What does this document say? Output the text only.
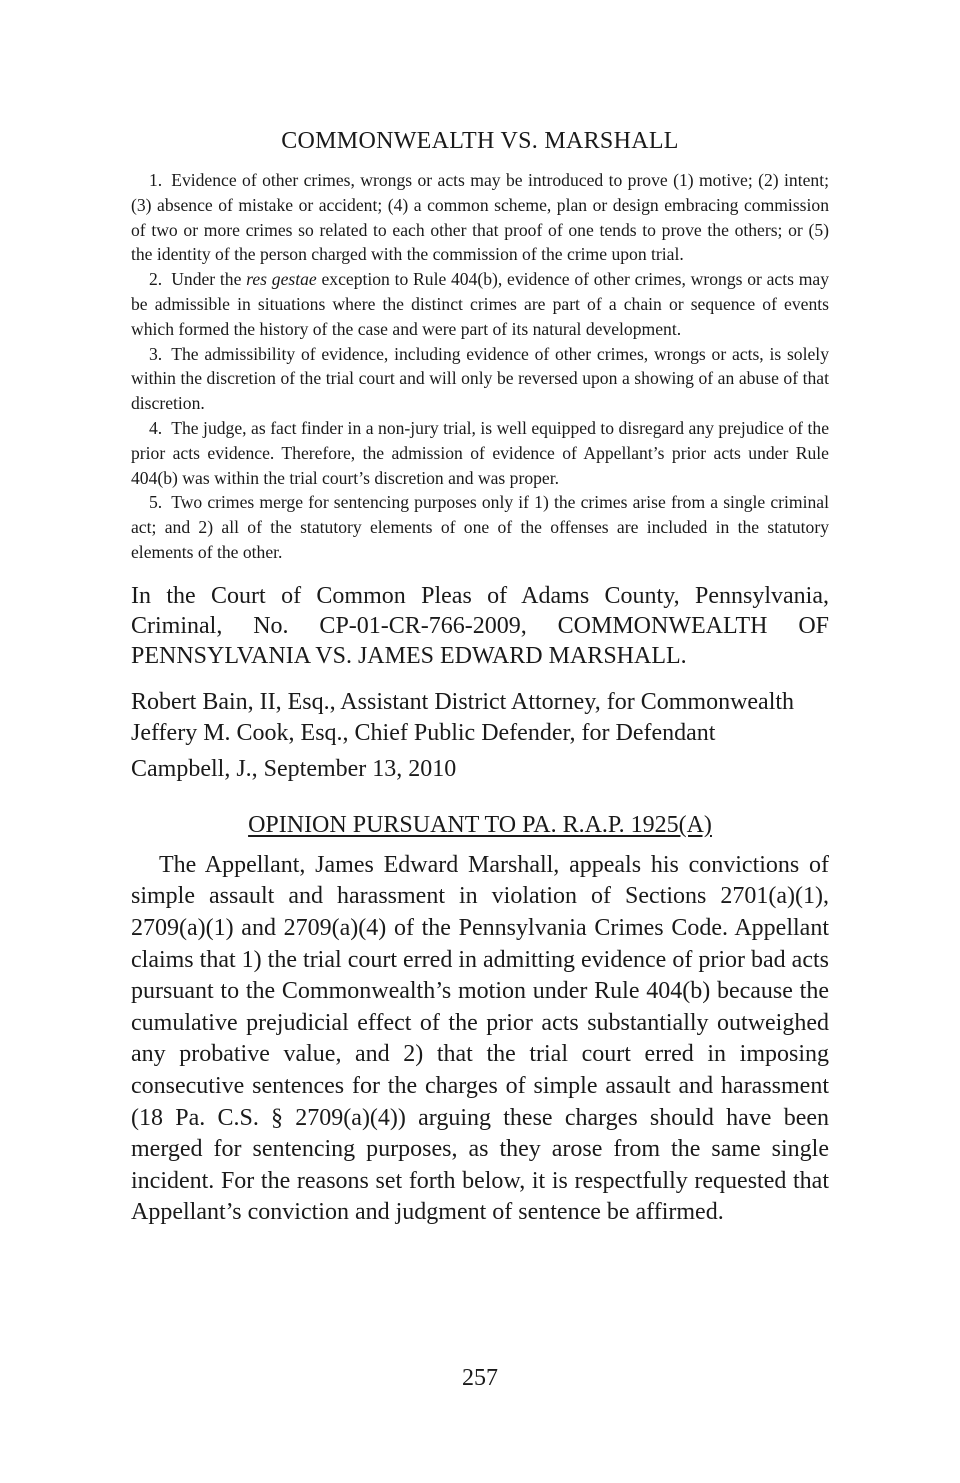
COMMONWEALTH VS. MARSHALL

1. Evidence of other crimes, wrongs or acts may be introduced to prove (1) motive; (2) intent; (3) absence of mistake or accident; (4) a common scheme, plan or design embracing commission of two or more crimes so related to each other that proof of one tends to prove the others; or (5) the identity of the person charged with the commission of the crime upon trial.

2. Under the res gestae exception to Rule 404(b), evidence of other crimes, wrongs or acts may be admissible in situations where the distinct crimes are part of a chain or sequence of events which formed the history of the case and were part of its natural development.

3. The admissibility of evidence, including evidence of other crimes, wrongs or acts, is solely within the discretion of the trial court and will only be reversed upon a showing of an abuse of that discretion.

4. The judge, as fact finder in a non-jury trial, is well equipped to disregard any prejudice of the prior acts evidence. Therefore, the admission of evidence of Appellant’s prior acts under Rule 404(b) was within the trial court’s discretion and was proper.

5. Two crimes merge for sentencing purposes only if 1) the crimes arise from a single criminal act; and 2) all of the statutory elements of one of the offenses are included in the statutory elements of the other.

In the Court of Common Pleas of Adams County, Pennsylvania, Criminal, No. CP-01-CR-766-2009, COMMONWEALTH OF PENNSYLVANIA VS. JAMES EDWARD MARSHALL.

Robert Bain, II, Esq., Assistant District Attorney, for Commonwealth
Jeffery M. Cook, Esq., Chief Public Defender, for Defendant
Campbell, J., September 13, 2010
OPINION PURSUANT TO PA. R.A.P. 1925(A)

The Appellant, James Edward Marshall, appeals his convictions of simple assault and harassment in violation of Sections 2701(a)(1), 2709(a)(1) and 2709(a)(4) of the Pennsylvania Crimes Code. Appellant claims that 1) the trial court erred in admitting evidence of prior bad acts pursuant to the Commonwealth’s motion under Rule 404(b) because the cumulative prejudicial effect of the prior acts substantially outweighed any probative value, and 2) that the trial court erred in imposing consecutive sentences for the charges of simple assault and harassment (18 Pa. C.S. § 2709(a)(4)) arguing these charges should have been merged for sentencing purposes, as they arose from the same single incident. For the reasons set forth below, it is respectfully requested that Appellant’s conviction and judgment of sentence be affirmed.

257
